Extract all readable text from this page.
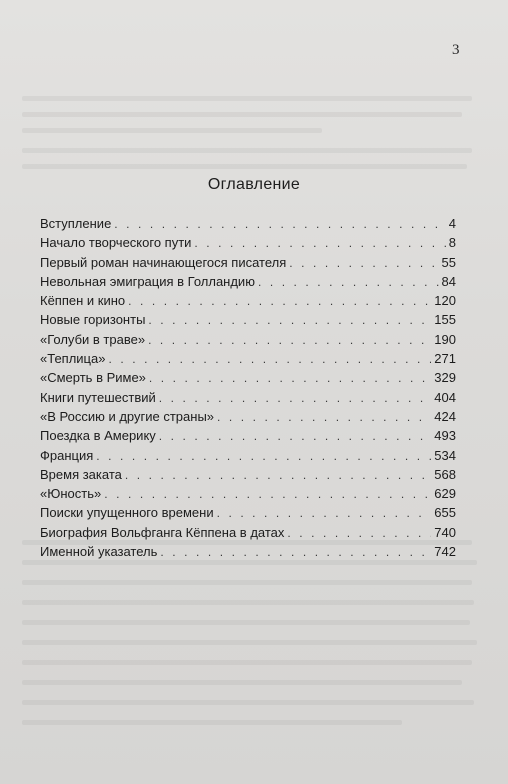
3
Оглавление
Вступление . . .	4
Начало творческого пути . . .	8
Первый роман начинающегося писателя . . .	55
Невольная эмиграция в Голландию . . .	84
Кёппен и кино . . .	120
Новые горизонты . . .	155
«Голуби в траве» . . .	190
«Теплица» . . .	271
«Смерть в Риме» . . .	329
Книги путешествий . . .	404
«В Россию и другие страны» . . .	424
Поездка в Америку . . .	493
Франция . . .	534
Время заката . . .	568
«Юность» . . .	629
Поиски упущенного времени . . .	655
Биография Вольфганга Кёппена в датах . . .	740
Именной указатель . . .	742
